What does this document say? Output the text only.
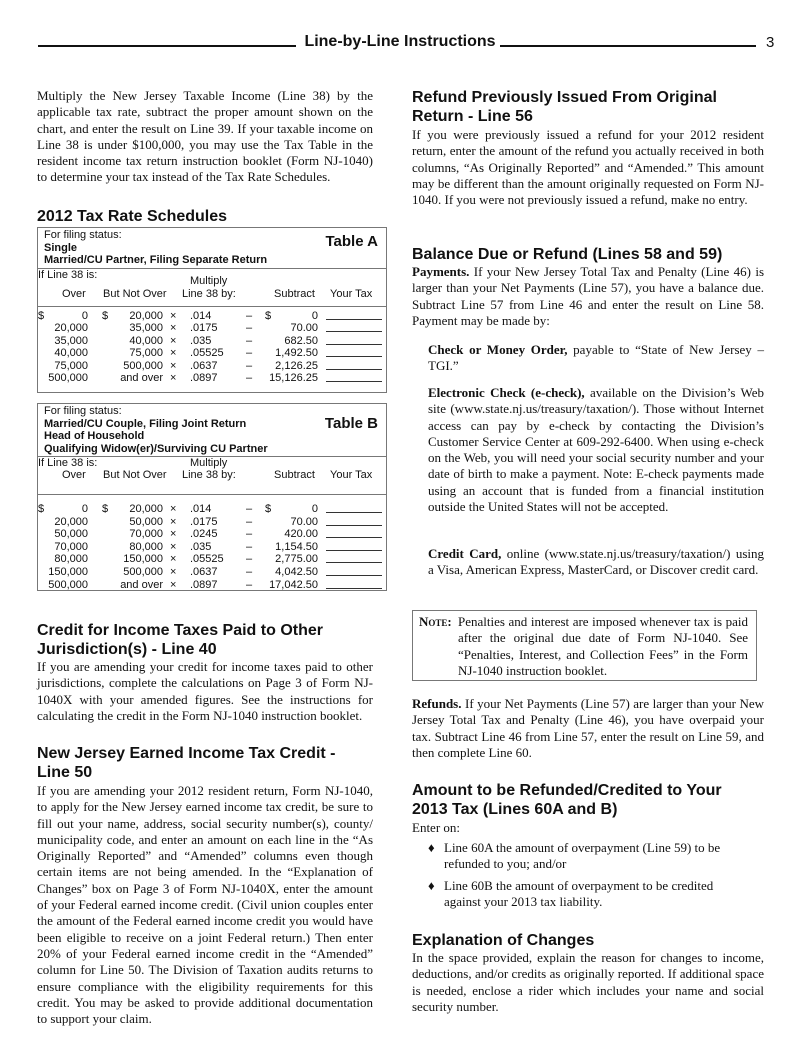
Line-by-Line Instructions	3
Multiply the New Jersey Taxable Income (Line 38) by the applicable tax rate, subtract the proper amount shown on the chart, and enter the result on Line 39. If your taxable income on Line 38 is under $100,000, you may use the Tax Table in the resident income tax return instruction booklet (Form NJ-1040) to determine your tax instead of the Tax Rate Schedules.
2012 Tax Rate Schedules
For filing status:
Single
Married/CU Partner, Filing Separate Return
Table A
If Line 38 is:
Over But Not Over
Multiply
Line 38 by:	Subtract Your Tax
$	$	$
0	20,000 × .014	–	0
20,000	35,000 × .0175	–	70.00
35,000	40,000 × .035	–	682.50
40,000	75,000 × .05525 – 1,492.50
75,000	500,000 × .0637	– 2,126.25
500,000	and over × .0897	– 15,126.25
For filing status:
Married/CU Couple, Filing Joint Return
Head of Household
Qualifying Widow(er)/Surviving CU Partner
Table B
If Line 38 is:
Over But Not Over
Multiply
Line 38 by:	Subtract Your Tax
$	$	$
0	20,000 × .014	–	0
20,000	50,000 × .0175	–	70.00
50,000	70,000 × .0245	–	420.00
70,000	80,000 × .035	– 1,154.50
80,000	150,000 × .05525 – 2,775.00
150,000	500,000 × .0637	– 4,042.50
500,000	and over × .0897	– 17,042.50
Credit for Income Taxes Paid to Other Jurisdiction(s) - Line 40
If you are amending your credit for income taxes paid to other jurisdictions, complete the calculations on Page 3 of Form NJ-1040X with your amended figures. See the instructions for calculating the credit in the Form NJ-1040 instruction booklet.
New Jersey Earned Income Tax Credit - Line 50
If you are amending your 2012 resident return, Form NJ-1040, to apply for the New Jersey earned income tax credit, be sure to fill out your name, address, social security number(s), county/ municipality code, and enter an amount on each line in the “As Originally Reported” and “Amended” columns even though certain items are not being amended. In the “Explanation of Changes” box on Page 3 of Form NJ-1040X, enter the amount of your Federal earned income credit. (Civil union couples enter the amount of the Federal earned income credit you would have been eligible to receive on a joint Federal return.) Then enter 20% of your Federal earned income credit in the “Amended” column for Line 50. The Division of Taxation audits returns to ensure compliance with the eligibility requirements for this credit. You may be asked to provide additional documentation to support your claim.
Refund Previously Issued From Original Return - Line 56
If you were previously issued a refund for your 2012 resident return, enter the amount of the refund you actually received in both columns, “As Originally Reported” and “Amended.” This amount may be different than the amount originally requested on Form NJ-1040. If you were not previously issued a refund, make no entry.
Balance Due or Refund (Lines 58 and 59)
Payments. If your New Jersey Total Tax and Penalty (Line 46) is larger than your Net Payments (Line 57), you have a balance due. Subtract Line 57 from Line 46 and enter the result on Line 58. Payment may be made by:
Check or Money Order, payable to “State of New Jersey – TGI.”
Electronic Check (e-check), available on the Division’s Web site (www.state.nj.us/treasury/taxation/). Those without Internet access can pay by e-check by contacting the Division’s Customer Service Center at 609-292-6400. When using e-check on the Web, you will need your social security number and your date of birth to make a payment. Note: E-check payments made using an account that is funded from a financial institution outside the United States will not be accepted.
Credit Card, online (www.state.nj.us/treasury/taxation/) using a Visa, American Express, MasterCard, or Discover credit card.
Note: Penalties and interest are imposed whenever tax is paid after the original due date of Form NJ-1040. See “Penalties, Interest, and Collection Fees” in the Form NJ-1040 instruction booklet.
Refunds. If your Net Payments (Line 57) are larger than your New Jersey Total Tax and Penalty (Line 46), you have overpaid your tax. Subtract Line 46 from Line 57, enter the result on Line 59, and then complete Line 60.
Amount to be Refunded/Credited to Your 2013 Tax (Lines 60A and B)
Enter on:
♦ Line 60A the amount of overpayment (Line 59) to be refunded to you; and/or
♦ Line 60B the amount of overpayment to be credited against your 2013 tax liability.
Explanation of Changes
In the space provided, explain the reason for changes to income, deductions, and/or credits as originally reported. If additional space is needed, enclose a rider which includes your name and social security number.
